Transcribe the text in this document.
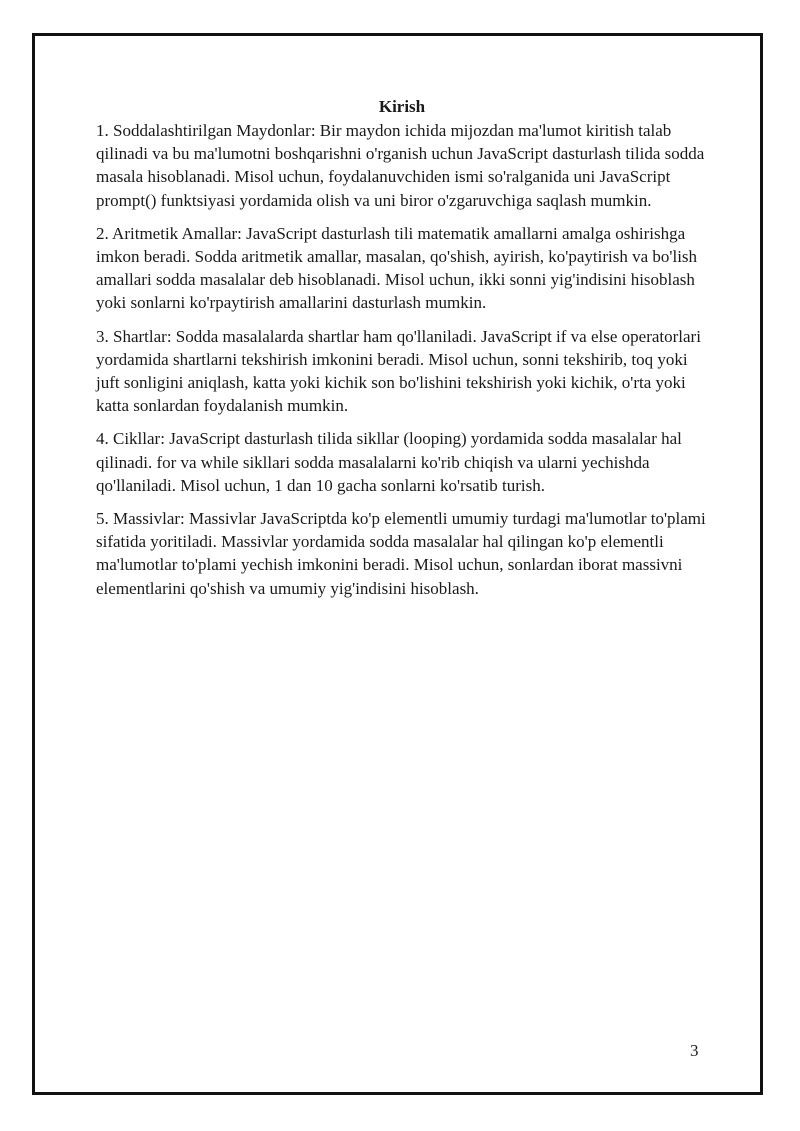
Kirish

1. Soddalashtirilgan Maydonlar: Bir maydon ichida mijozdan ma'lumot kiritish talab qilinadi va bu ma'lumotni boshqarishni o'rganish uchun JavaScript dasturlash tilida sodda masala hisoblanadi. Misol uchun, foydalanuvchiden ismi so'ralganida uni JavaScript prompt() funktsiyasi yordamida olish va uni biror o'zgaruvchiga saqlash mumkin.

2. Aritmetik Amallar: JavaScript dasturlash tili matematik amallarni amalga oshirishga imkon beradi. Sodda aritmetik amallar, masalan, qo'shish, ayirish, ko'paytirish va bo'lish amallari sodda masalalar deb hisoblanadi. Misol uchun, ikki sonni yig'indisini hisoblash yoki sonlarni ko'rpaytirish amallarini dasturlash mumkin.

3. Shartlar: Sodda masalalarda shartlar ham qo'llaniladi. JavaScript if va else operatorlari yordamida shartlarni tekshirish imkonini beradi. Misol uchun, sonni tekshirib, toq yoki juft sonligini aniqlash, katta yoki kichik son bo'lishini tekshirish yoki kichik, o'rta yoki katta sonlardan foydalanish mumkin.

4. Cikllar: JavaScript dasturlash tilida sikllar (looping) yordamida sodda masalalar hal qilinadi. for va while sikllari sodda masalalarni ko'rib chiqish va ularni yechishda qo'llaniladi. Misol uchun, 1 dan 10 gacha sonlarni ko'rsatib turish.

5. Massivlar: Massivlar JavaScriptda ko'p elementli umumiy turdagi ma'lumotlar to'plami sifatida yoritiladi. Massivlar yordamida sodda masalalar hal qilingan ko'p elementli ma'lumotlar to'plami yechish imkonini beradi. Misol uchun, sonlardan iborat massivni elementlarini qo'shish va umumiy yig'indisini hisoblash.

3
